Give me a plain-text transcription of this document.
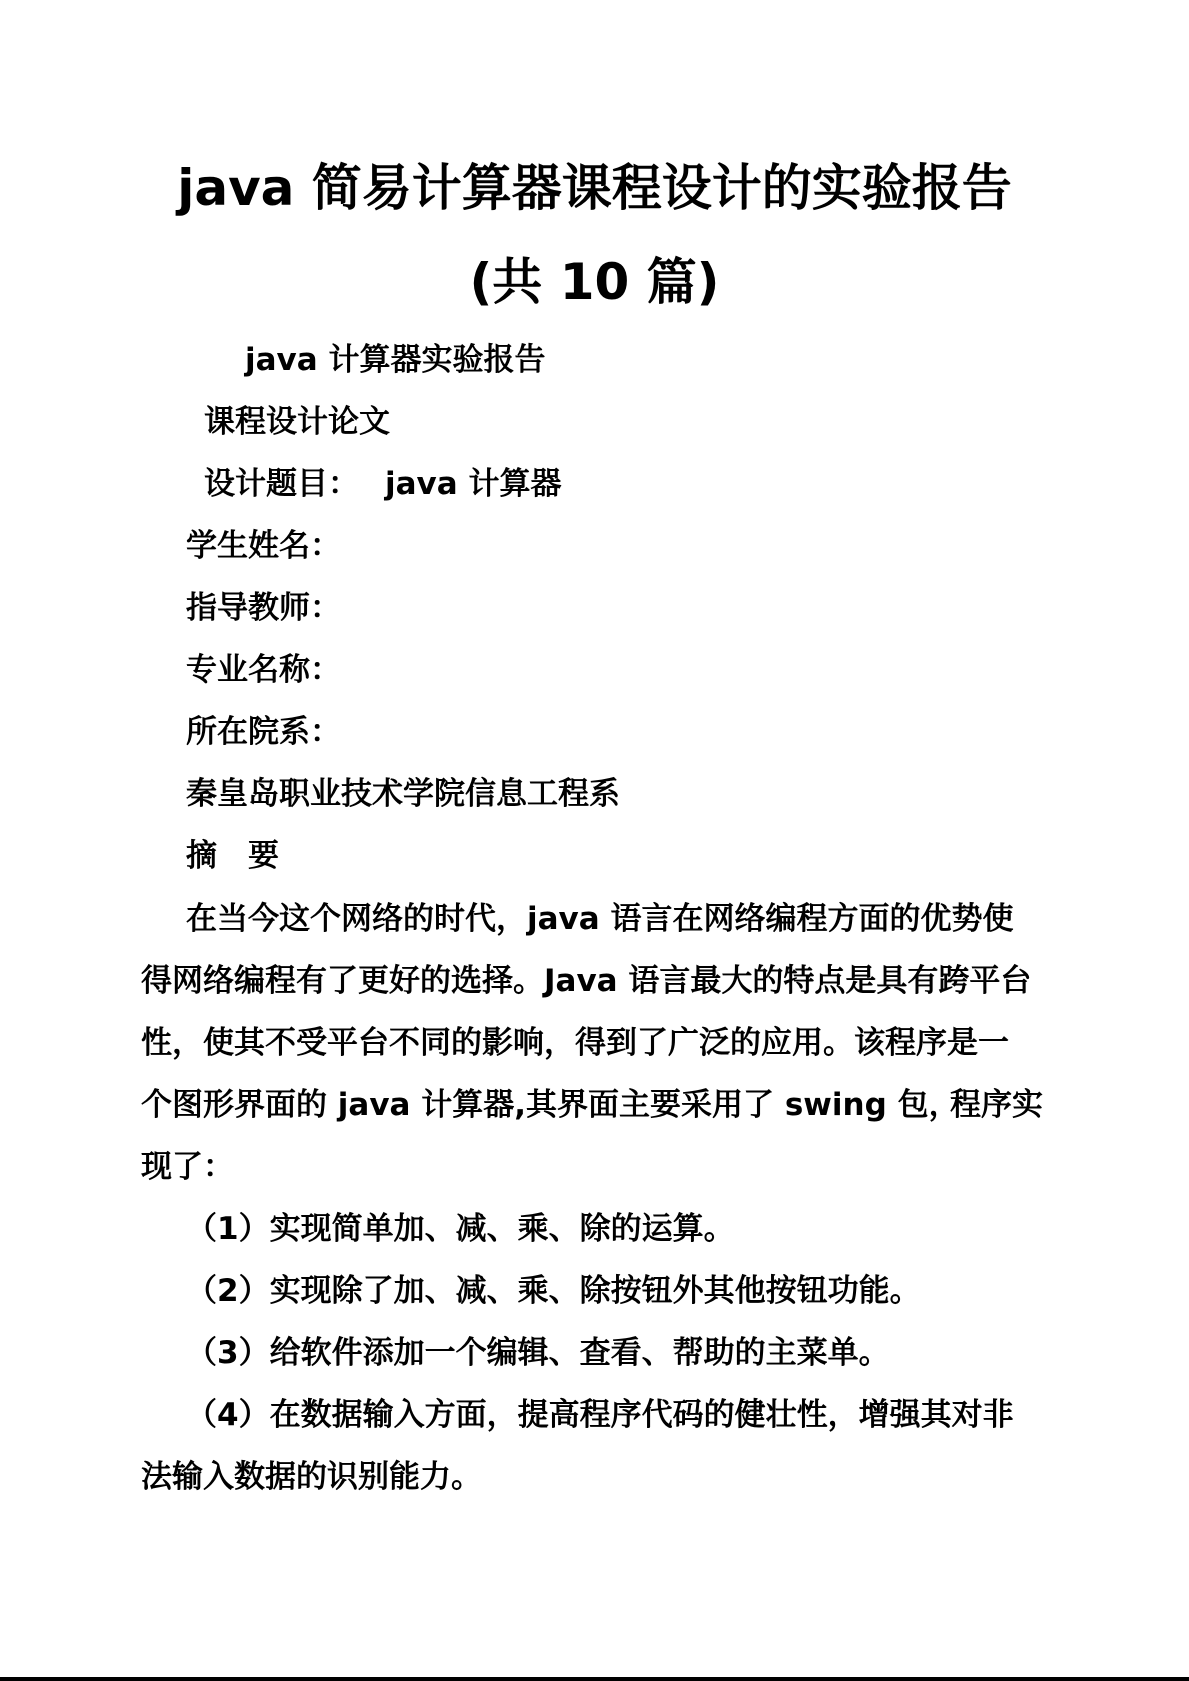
java 简易计算器课程设计的实验报告
(共 10 篇)
java 计算器实验报告
课程设计论文
设计题目： java 计算器
学生姓名：
指导教师：
专业名称：
所在院系：
秦皇岛职业技术学院信息工程系
摘 要
在当今这个网络的时代，java 语言在网络编程方面的优势使
得网络编程有了更好的选择。Java 语言最大的特点是具有跨平台
性，使其不受平台不同的影响，得到了广泛的应用。该程序是一
个图形界面的 java 计算器,其界面主要采用了 swing 包，
程序实
现了：
（1）实现简单加、减、乘、除的运算。
（2）实现除了加、减、乘、除按钮外其他按钮功能。
（3）给软件添加一个编辑、查看、帮助的主菜单。
（4）在数据输入方面，提高程序代码的健壮性，增强其对非
法输入数据的识别能力。
